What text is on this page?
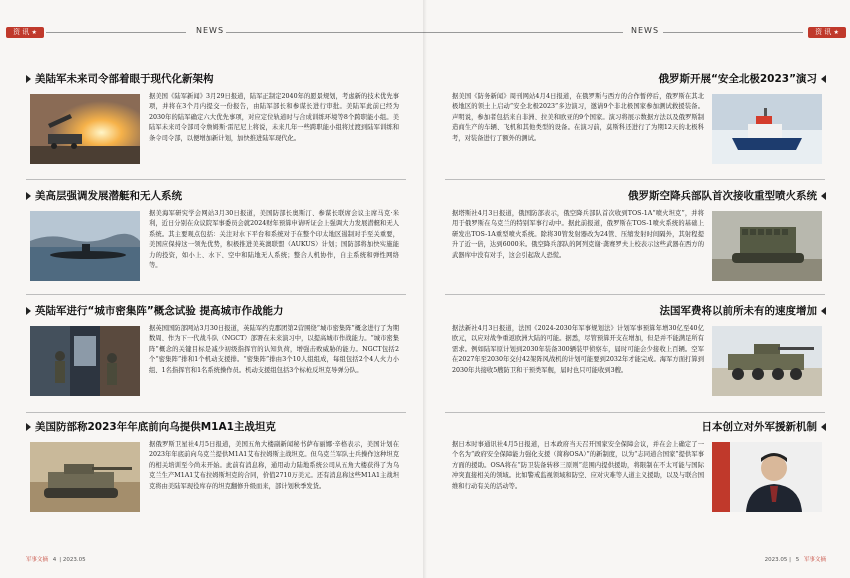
资 讯 ★	NEWS
美陆军未来司令部着眼于现代化新架构
据美国《陆军新闻》3月29日报道，陆军正制定2040年的愿景规划，考虑新的技术优先事项，并将在3个月内提交一份报告，由陆军部长和参谋长进行审批。美陆军此前已经为2030年的陆军确定六大优先事项，对应定位轨道时与合成训练环境等8个跨职能小组。美陆军未来司令部司令詹姆斯·雷尼尼上将说，未来几年一些跨职能小组将过渡到陆军训练和条令司令部，以便增加新计划，加快推进陆军现代化。
美高层强调发展潜艇和无人系统
据美海军研究学会网站3月30日报道，美国防部长奥斯汀、参谋长联席会议主席马克·米利，近日分别在众议院军事委员会就2024财年预算申请听证会上强调大力发展潜艇和无人系统。其主要观点包括：关注对水下平台和系统对于在整个印太地区遏制对手至关重要，美国应保持这一领先优势，积极推进美英澳联盟（AUKUS）计划；国防部将加快实施能力的投资，如小上、水下、空中和陆地无人系统；整合人机协作，自主系统和弹性网络等。
英陆军进行“城市密集阵”概念试验 提高城市作战能力
据英国国防部网站3月30日报道，英陆军约克郡团第2营围绕“城市密集阵”概念进行了为期数周、作为下一代战斗队（NGCT）部署在未来演习中，以提高城市作战能力。“城市密集阵”概念的关键目标是减少初级指挥官的认知负荷，增强击败威胁的能力。NGCT包括2个“密集阵”排和1个机动支援排。“密集阵”排由3个10人组组成，每组包括2个4人火力小组、1名指挥官和1名系统操作员。机动支援组包括3个标枪反坦克导弹分队。
美国防部称2023年年底前向乌提供M1A1主战坦克
据俄罗斯卫星社4月5日报道，美国五角大楼副新闻秘书萨布丽娜·辛格表示，美国计划在2023年年底前向乌克兰提供M1A1艾布拉姆斯主战坦克。但乌克兰军队士兵操作这种坦克的相关培训至今尚未开始。此前有消息称，通用动力陆地系统公司从五角大楼获得了为乌克兰生产M1A1艾布拉姆斯坦克的合同，价值2710万美元。还有消息称这些M1A1主战坦克将由美陆军现役库存的坦克翻修升级而来，部计划秋季发货。
军事文摘 4 | 2023.05
NEWS	资 讯 ★
俄罗斯开展“安全北极2023”演习
据美国《防务新闻》周刊网站4月4日报道，在俄罗斯与西方的合作暂停后，俄罗斯在其北极地区的领土上启动“安全北极2023”多边演习，邀请9个非北极国家参加测试救援装备。声明说，参加者包括来自非洲、拉美和欧亚的9个国家。演习将展示数据方法以及俄罗斯制造商生产的车辆、飞机和其他类型的设备。在演习前，莫斯科还进行了为期12天的北极科考，对装备进行了额外的测试。
俄罗斯空降兵部队首次接收重型喷火系统
据塔斯社4月3日报道，俄国防部表示，俄空降兵部队首次收到TOS-1A“喷火坦克”，并将用于俄罗斯在乌克兰的特别军事行动中。据此前报道，俄罗斯在TOS-1喷火系统的基础上研发出TOS-1A重型喷火系统。除将30管发射器改为24管、压缩发射时间隔外，其射程提升了近一倍，达到6000米。俄空降兵部队的阿列克谢·龚赛罗夫上校表示这些武器在西方的武器库中没有对手，这会引起敌人恐慌。
法国军费将以前所未有的速度增加
据法新社4月3日报道，法国《2024-2030年军事规划法》计划军事预算年增30亿至40亿欧元，以应对战争重返欧洲大陆的可能。据悉，尽管预算开支在增加，但是并不能满足所有需求。例如陆军原计划到2030年装备300辆装甲侦察车，届时可能会少接收上百辆。空军在2027年至2030年交付42架阵风战机的计划可能要到2032年才能完成。海军方面打算到2030年共接收5艘防卫和干预类军舰，届时也只可能收到3艘。
日本创立对外军援新机制
据日本时事通讯社4月5日报道，日本政府当天召开国家安全保障会议，并在会上确定了一个名为“政府安全保障能力强化支援（简称OSA）”的新制度，以为“志同道合国家”提供军事方面的援助。OSA将在“防卫装备转移三原则”范围内提供援助，将限制在不太可能与国际冲突直接相关的领域。比如警戒监视领域和防空、应对灾难等人道主义援助，以及与联合国维和行动有关的活动等。
2023.05 | 5 军事文摘
